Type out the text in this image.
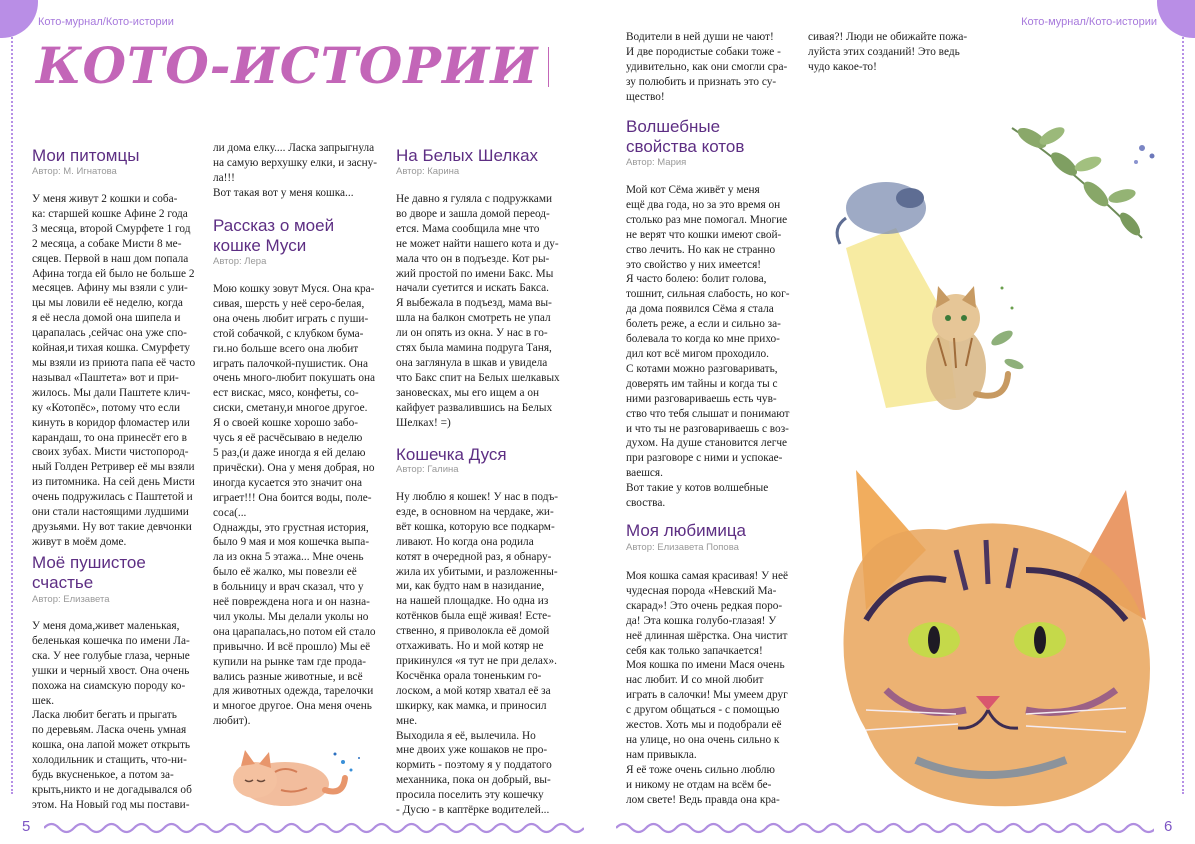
Кото-мурнал/Кото-истории	Кото-мурнал/Кото-истории
КОТО-ИСТОРИИ
Мои питомцы
Автор: М. Игнатова
У меня живут 2 кошки и соба-
ка: старшей кошке Афине 2 года
3 месяца, второй Смурфете 1 год
2 месяца, а собаке Мисти 8 ме-
сяцев. Первой в наш дом попала
Афина тогда ей было не больше 2
месяцев. Афину мы взяли с ули-
цы мы ловили её неделю, когда
я её несла домой она шипела и
царапалась ,сейчас она уже спо-
койная,и тихая кошка. Смурфету
мы взяли из приюта папа её часто
называл «Паштета» вот и при-
жилось. Мы дали Паштете клич-
ку «Котопёс», потому что если
кинуть в коридор фломастер или
карандаш, то она принесёт его в
своих зубах. Мисти чистопород-
ный Голден Ретривер её мы взяли
из питомника. На сей день Мисти
очень подружилась с Паштетой и
они стали настоящими лудшими
друзьями. Ну вот такие девчонки
живут в моём доме.
Моё пушистое
счастье
Автор: Елизавета
У меня дома,живет маленькая,
беленькая кошечка по имени Ла-
ска. У нее голубые глаза, черные
ушки и черный хвост. Она очень
похожа на сиамскую породу ко-
шек.
Ласка любит бегать и прыгать
по деревьям. Ласка очень умная
кошка, она лапой может открыть
холодильник и стащить, что-ни-
будь вкусненькое, а потом за-
крыть,никто и не догадывался об
этом. На Новый год мы постави-
ли дома елку.... Ласка запрыгнула
на самую верхушку елки, и засну-
ла!!!
Вот такая вот у меня кошка...
Рассказ о моей
кошке Муси
Автор: Лера
Мою кошку зовут Муся. Она кра-
сивая, шерсть у неё серо-белая,
она очень любит играть с пуши-
стой собачкой, с клубком бума-
ги.но больше всего она любит
играть палочкой-пушистик. Она
очень много-любит покушать она
ест вискас, мясо, конфеты, со-
сиски, сметану,и многое другое.
Я о своей кошке хорошо забо-
чусь я её расчёсываю в неделю
5 раз,(и даже иногда я ей делаю
причёски). Она у меня добрая, но
иногда кусается это значит она
играет!!! Она боится воды, полe-
соса(...
Однажды, это грустная история,
было 9 мая и моя кошечка выпа-
ла из окна 5 этажа... Мне очень
было её жалко, мы повезли её
в больницу и врач сказал, что у
неё повреждена нога и он назна-
чил уколы. Мы делали уколы но
она царапалась,но потом ей стало
привычно. И всё прошло) Мы её
купили на рынке там где прода-
вались разные животные, и всё
для животных одежда, тарелочки
и многое другое. Она меня очень
любит).
На Белых Шелках
Автор: Карина
Не давно я гуляла с подружками
во дворе и зашла домой переод-
ется. Мама сообщила мне что
не может найти нашего кота и ду-
мала что он в подъезде. Кот ры-
жий простой по имени Бакс. Мы
начали суетится и искать Бакса.
Я выбежала в подъезд, мама вы-
шла на балкон смотреть не упал
ли он опять из окна. У нас в го-
стях была мамина подруга Таня,
она заглянула в шкав и увидела
что Бакс спит на Белых шелкавых
зановесках, мы его ищем а он
кайфует развалившись на Белых
Шелках! =)
Кошечка Дуся
Автор: Галина
Ну люблю я кошек! У нас в подъ-
езде, в основном на чердаке, жи-
вёт кошка, которую все подкарм-
ливают. Но когда она родила
котят в очередной раз, я обнару-
жила их убитыми, и разложенны-
ми, как будто нам в назидание,
на нашей площадке. Но одна из
котёнков была ещё живая! Есте-
ственно, я приволокла её домой
отхаживать. Но и мой котяр не
прикинулся «я тут не при делах».
Косчёнка орала тоненьким го-
лоском, а мой котяр хватал её за
шкирку, как мамка, и приносил
мне.
Выходила я её, вылечила. Но
мне двоих уже кошаков не про-
кормить - поэтому я у поддатого
механника, пока он добрый, вы-
просила поселить эту кошечку
- Дусю - в каптёрке водителей...
5	6
Водители в ней души не чают!
И две породистые собаки тоже -
удивительно, как они смогли сра-
зу полюбить и признать это су-
щество!
Волшебные
свойства котов
Автор: Мария
Мой кот Сёма живёт у меня
ещё два года, но за это время он
столько раз мне помогал. Многие
не верят что кошки имеют свой-
ство лечить. Но как не странно
это свойство у них имеется!
Я часто болею: болит голова,
тошнит, сильная слабость, но ког-
да дома появился Сёма я стала
болеть реже, а если и сильно за-
болевала то когда ко мне прихо-
дил кот всё мигом проходило.
С котами можно разговаривать,
доверять им тайны и когда ты с
ними разговариваешь есть чув-
ство что тебя слышат и понимают
и что ты не разговариваешь с воз-
духом. На душе становится легче
при разговоре с ними и успокае-
ваешся.
Вот такие у котов волшебные
своства.
Моя любимица
Автор: Елизавета Попова
Моя кошка самая красивая! У неё
чудесная порода «Невский Ма-
скарад»! Это очень редкая поро-
да! Эта кошка голубо-глазая! У
неё длинная шёрстка. Она чистит
себя как только запачкается!
Моя кошка по имени Мася очень
нас любит. И со мной любит
играть в салочки! Мы умеем друг
с другом общаться - с помощью
жестов. Хоть мы и подобрали её
на улице, но она очень сильно к
нам привыкла.
Я её тоже очень сильно люблю
и никому не отдам на всём бе-
лом свете! Ведь правда она кра-
сивая?! Люди не обижайте пожа-
луйста этих созданий! Это ведь
чудо какое-то!
